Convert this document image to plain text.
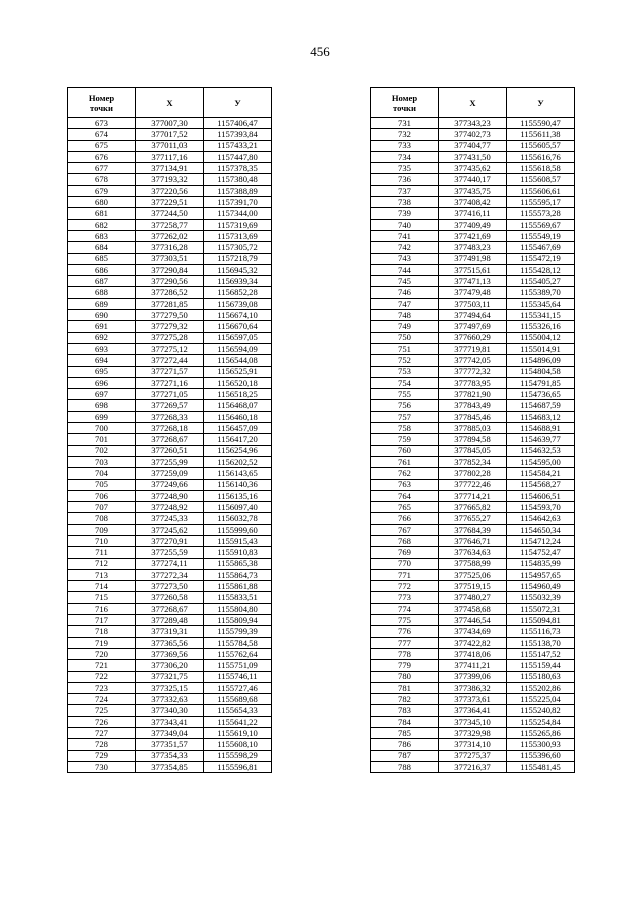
456
Номер
точки	X	У
673	377007,30	1157406,47
674	377017,52	1157393,84
675	377011,03	1157433,21
676	377117,16	1157447,80
677	377134,91	1157378,35
678	377193,32	1157380,48
679	377220,56	1157388,89
680	377229,51	1157391,70
681	377244,50	1157344,00
682	377258,77	1157319,69
683	377262,02	1157313,69
684	377316,28	1157305,72
685	377303,51	1157218,79
686	377290,84	1156945,32
687	377290,56	1156939,34
688	377286,52	1156852,28
689	377281,85	1156739,08
690	377279,50	1156674,10
691	377279,32	1156670,64
692	377275,28	1156597,05
693	377275,12	1156594,09
694	377272,44	1156544,08
695	377271,57	1156525,91
696	377271,16	1156520,18
697	377271,05	1156518,25
698	377269,57	1156468,07
699	377268,33	1156460,18
700	377268,18	1156457,09
701	377268,67	1156417,20
702	377260,51	1156254,96
703	377255,99	1156202,52
704	377259,09	1156143,65
705	377249,66	1156140,36
706	377248,90	1156135,16
707	377248,92	1156097,40
708	377245,33	1156032,78
709	377245,62	1155999,60
710	377270,91	1155915,43
711	377255,59	1155910,83
712	377274,11	1155865,38
713	377272,34	1155864,73
714	377273,50	1155861,88
715	377260,58	1155833,51
716	377268,67	1155804,80
717	377289,48	1155809,94
718	377319,31	1155799,39
719	377365,56	1155784,58
720	377369,56	1155762,64
721	377306,20	1155751,09
722	377321,75	1155746,11
723	377325,15	1155727,46
724	377332,63	1155689,68
725	377340,30	1155654,33
726	377343,41	1155641,22
727	377349,04	1155619,10
728	377351,57	1155608,10
729	377354,33	1155598,29
730	377354,85	1155596,81
Номер
точки	X	У
731	377343,23	1155590,47
732	377402,73	1155611,38
733	377404,77	1155605,57
734	377431,50	1155616,76
735	377435,62	1155618,58
736	377440,17	1155608,57
737	377435,75	1155606,61
738	377408,42	1155595,17
739	377416,11	1155573,28
740	377409,49	1155569,67
741	377421,69	1155549,19
742	377483,23	1155467,69
743	377491,98	1155472,19
744	377515,61	1155428,12
745	377471,13	1155405,27
746	377479,48	1155389,70
747	377503,11	1155345,64
748	377494,64	1155341,15
749	377497,69	1155326,16
750	377660,29	1155004,12
751	377719,81	1155014,91
752	377742,05	1154896,09
753	377772,32	1154804,58
754	377783,95	1154791,85
755	377821,90	1154736,65
756	377843,49	1154687,59
757	377845,46	1154683,12
758	377885,03	1154688,91
759	377894,58	1154639,77
760	377845,05	1154632,53
761	377852,34	1154595,00
762	377802,28	1154584,21
763	377722,46	1154568,27
764	377714,21	1154606,51
765	377665,82	1154593,70
766	377655,27	1154642,63
767	377684,39	1154650,34
768	377646,71	1154712,24
769	377634,63	1154752,47
770	377588,99	1154835,99
771	377525,06	1154957,65
772	377519,15	1154960,49
773	377480,27	1155032,39
774	377458,68	1155072,31
775	377446,54	1155094,81
776	377434,69	1155116,73
777	377422,82	1155138,70
778	377418,06	1155147,52
779	377411,21	1155159,44
780	377399,06	1155180,63
781	377386,32	1155202,86
782	377373,61	1155225,04
783	377364,41	1155240,82
784	377345,10	1155254,84
785	377329,98	1155265,86
786	377314,10	1155300,93
787	377275,37	1155396,60
788	377216,37	1155481,45
